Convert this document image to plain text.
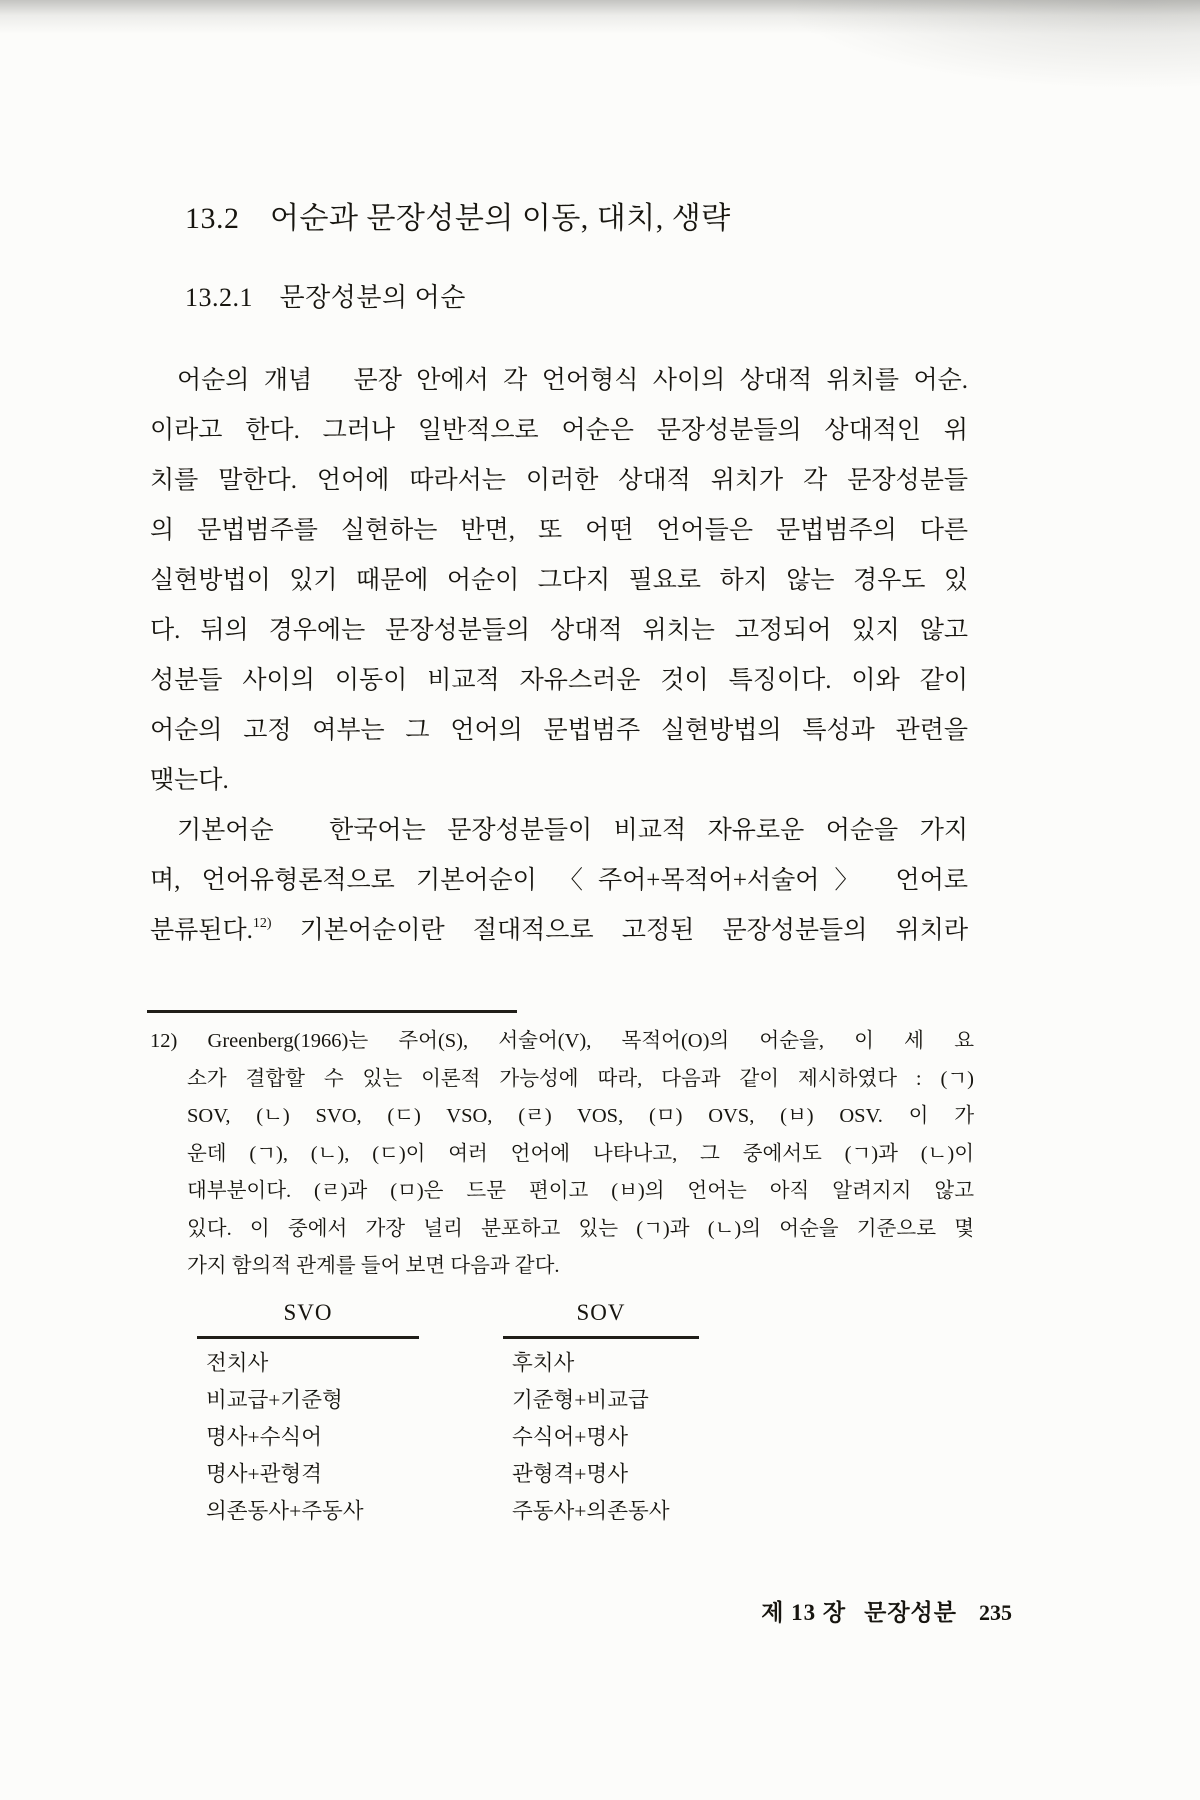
13.2　어순과 문장성분의 이동, 대치, 생략
13.2.1　문장성분의 어순
어순의 개념　문장 안에서 각 언어형식 사이의 상대적 위치를 어순.
이라고 한다. 그러나 일반적으로 어순은 문장성분들의 상대적인 위
치를 말한다. 언어에 따라서는 이러한 상대적 위치가 각 문장성분들
의 문법범주를 실현하는 반면, 또 어떤 언어들은 문법범주의 다른
실현방법이 있기 때문에 어순이 그다지 필요로 하지 않는 경우도 있
다. 뒤의 경우에는 문장성분들의 상대적 위치는 고정되어 있지 않고
성분들 사이의 이동이 비교적 자유스러운 것이 특징이다. 이와 같이
어순의 고정 여부는 그 언어의 문법범주 실현방법의 특성과 관련을
맺는다.
기본어순　한국어는 문장성분들이 비교적 자유로운 어순을 가지
며, 언어유형론적으로 기본어순이 〈주어+목적어+서술어〉 언어로
분류된다.$^{12)}$ 기본어순이란 절대적으로 고정된 문장성분들의 위치라
12) Greenberg(1966)는 주어(S), 서술어(V), 목적어(O)의 어순을, 이 세 요
소가 결합할 수 있는 이론적 가능성에 따라, 다음과 같이 제시하였다 : (ㄱ)
SOV, (ㄴ) SVO, (ㄷ) VSO, (ㄹ) VOS, (ㅁ) OVS, (ㅂ) OSV. 이 가
운데 (ㄱ), (ㄴ), (ㄷ)이 여러 언어에 나타나고, 그 중에서도 (ㄱ)과 (ㄴ)이
대부분이다. (ㄹ)과 (ㅁ)은 드문 편이고 (ㅂ)의 언어는 아직 알려지지 않고
있다. 이 중에서 가장 널리 분포하고 있는 (ㄱ)과 (ㄴ)의 어순을 기준으로 몇
가지 함의적 관계를 들어 보면 다음과 같다.
SVO
전치사
비교급+기준형
명사+수식어
명사+관형격
의존동사+주동사
SOV
후치사
기준형+비교급
수식어+명사
관형격+명사
주동사+의존동사
제 13 장 문장성분 235
